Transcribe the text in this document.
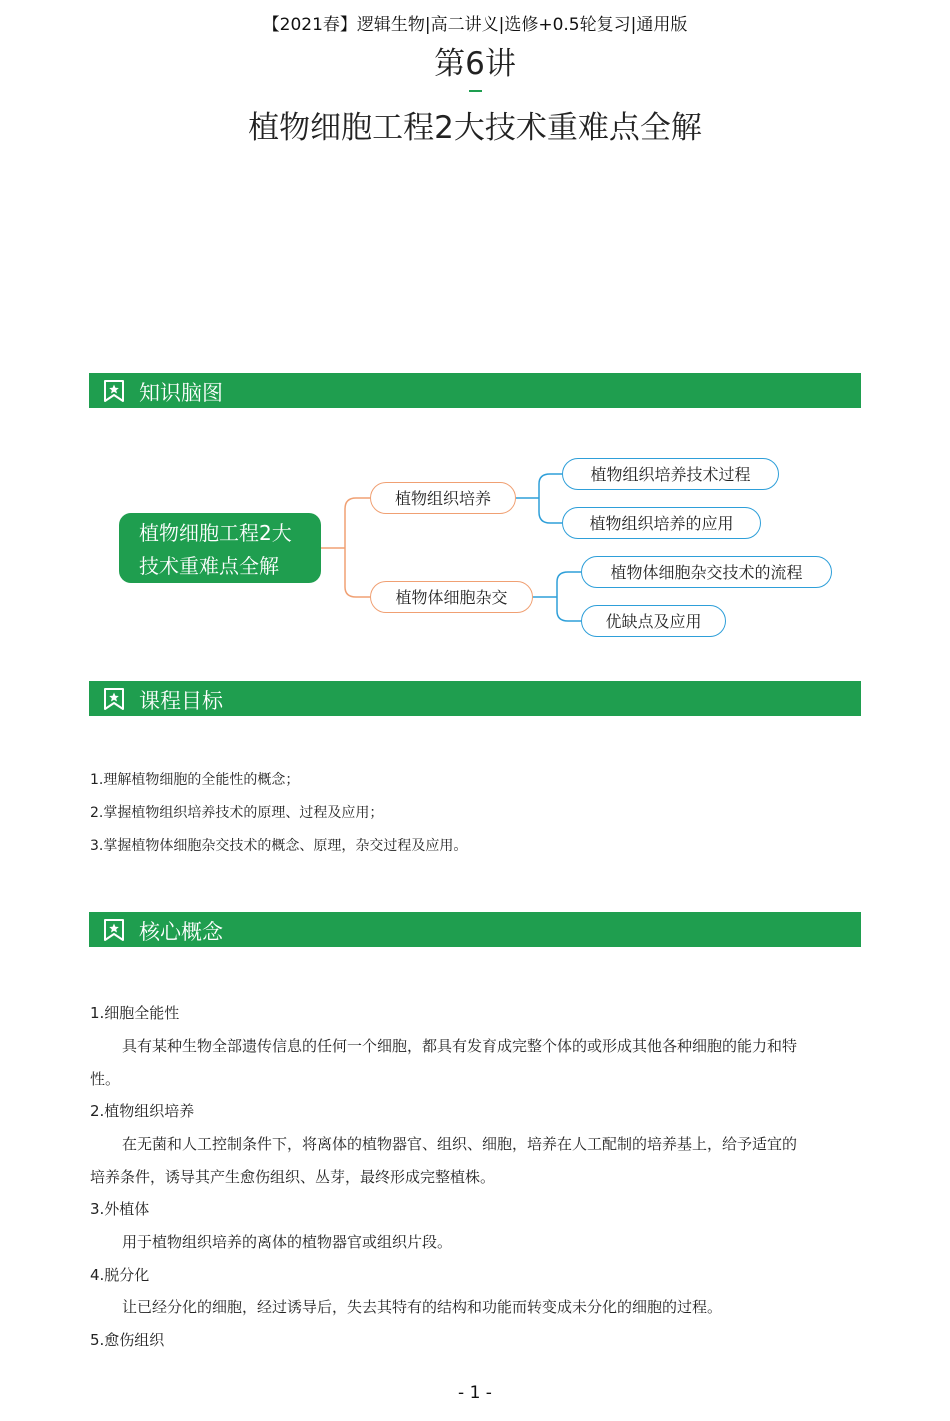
【2021春】逻辑生物|高二讲义|选修+0.5轮复习|通用版
第6讲
植物细胞工程2大技术重难点全解
知识脑图
植物细胞工程2大
技术重难点全解
植物组织培养
植物体细胞杂交
植物组织培养技术过程
植物组织培养的应用
植物体细胞杂交技术的流程
优缺点及应用
课程目标
1.理解植物细胞的全能性的概念；
2.掌握植物组织培养技术的原理、过程及应用；
3.掌握植物体细胞杂交技术的概念、原理，杂交过程及应用。
核心概念
1.细胞全能性
具有某种生物全部遗传信息的任何一个细胞，都具有发育成完整个体的或形成其他各种细胞的能力和特
性。
2.植物组织培养
在无菌和人工控制条件下，将离体的植物器官、组织、细胞，培养在人工配制的培养基上，给予适宜的
培养条件，诱导其产生愈伤组织、丛芽，最终形成完整植株。
3.外植体
用于植物组织培养的离体的植物器官或组织片段。
4.脱分化
让已经分化的细胞，经过诱导后，失去其特有的结构和功能而转变成未分化的细胞的过程。
5.愈伤组织
- 1 -
